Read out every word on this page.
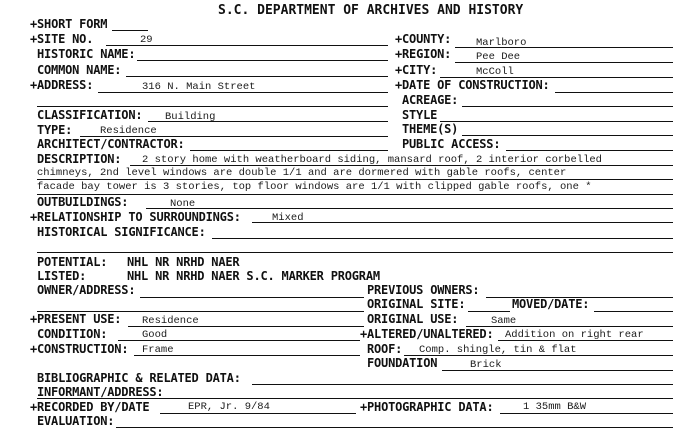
S.C. DEPARTMENT OF ARCHIVES AND HISTORY
+SHORT FORM
+SITE NO.	29	+COUNTY: Marlboro
HISTORIC NAME:	+REGION: Pee Dee
COMMON NAME:	+CITY:	McColl
+ADDRESS:	316 N. Main Street	+DATE OF CONSTRUCTION:
ACREAGE:
CLASSIFICATION: Building	STYLE
TYPE:	Residence	THEME(S)
ARCHITECT/CONTRACTOR:	PUBLIC ACCESS:
DESCRIPTION: 2 story home with weatherboard siding, mansard roof, 2 interior corbelled
chimneys, 2nd level windows are double 1/1 and are dormered with gable roofs, center
facade bay tower is 3 stories, top floor windows are 1/1 with clipped gable roofs, one *
OUTBUILDINGS:	None
+RELATIONSHIP TO SURROUNDINGS:	Mixed
HISTORICAL SIGNIFICANCE:
POTENTIAL: NHL NR NRHD NAER
LISTED:	NHL NR NRHD NAER S.C. MARKER PROGRAM
OWNER/ADDRESS:	PREVIOUS OWNERS:
ORIGINAL SITE:	MOVED/DATE:
+PRESENT USE: Residence	ORIGINAL USE:	Same
CONDITION:	Good	+ALTERED/UNALTERED: Addition on right rear
+CONSTRUCTION: Frame	ROOF: Comp. shingle, tin & flat
FOUNDATION	Brick
BIBLIOGRAPHIC & RELATED DATA:
INFORMANT/ADDRESS:
+RECORDED BY/DATE	EPR, Jr. 9/84	+PHOTOGRAPHIC DATA:	1 35mm B&W
EVALUATION:
